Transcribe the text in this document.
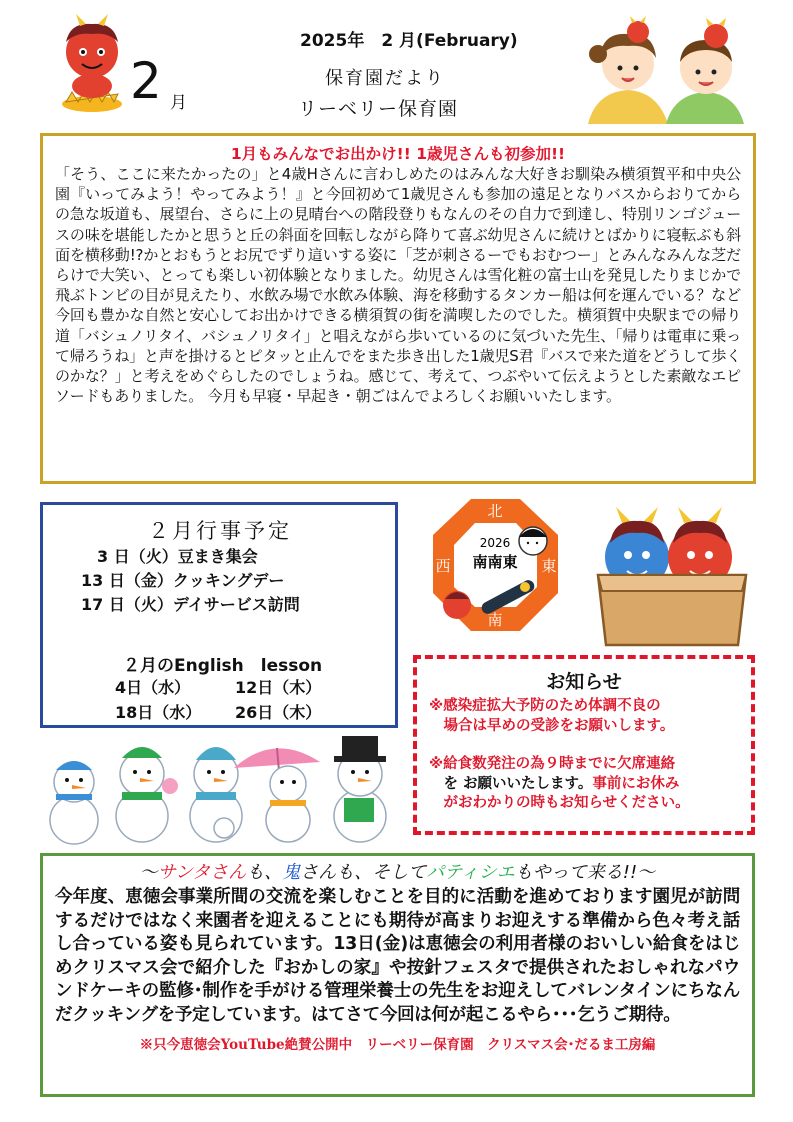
2025年　2 月(February)
保育園だより
リーベリー保育園
2 月
1月もみんなでお出かけ!! 1歳児さんも初参加!!
「そう、ここに来たかったの」と4歳Hさんに言わしめたのはみんな大好きお馴染み横須賀平和中央公園『いってみよう！やってみよう！』と今回初めて1歳児さんも参加の遠足となりバスからおりてからの急な坂道も、展望台、さらに上の見晴台への階段登りもなんのその自力で到達し、特別リンゴジュースの味を堪能したかと思うと丘の斜面を回転しながら降りて喜ぶ幼児さんに続けとばかりに寝転ぶも斜面を横移動!?かとおもうとお尻でずり這いする姿に「芝が刺さるーでもおむつー」とみんなみんな芝だらけで大笑い、とっても楽しい初体験となりました。幼児さんは雪化粧の富士山を発見したりまじかで飛ぶトンビの目が見えたり、水飲み場で水飲み体験、海を移動するタンカー船は何を運んでいる？など今回も豊かな自然と安心してお出かけできる横須賀の街を満喫したのでした。横須賀中央駅までの帰り道「バシュノリタイ、バシュノリタイ」と唱えながら歩いているのに気づいた先生、「帰りは電車に乗って帰ろうね」と声を掛けるとピタッと止んでをまた歩き出した1歳児S君『バスで来た道をどうして歩くのかな？」と考えをめぐらしたのでしょうね。感じて、考えて、つぶやいて伝えようとした素敵なエピソードもありました。 今月も早寝・早起き・朝ごはんでよろしくお願いいたします。
２月行事予定
　3 日（火）豆まき集会
13 日（金）クッキングデー
17 日（火）デイサービス訪問
２月のEnglish　lesson
4日（水）	12日（木）
18日（水）	26日（木）
2026
南南東
北
東
南
西
お知らせ
※感染症拡大予防のため体調不良の
　場合は早めの受診をお願いします。
※給食数発注の為９時までに欠席連絡
　を お願いいたします。事前にお休み
　がおわかりの時もお知らせください。
～サンタさんも、鬼さんも、そしてパティシエもやって来る!!～
今年度、恵徳会事業所間の交流を楽しむことを目的に活動を進めております園児が訪問するだけではなく来園者を迎えることにも期待が高まりお迎えする準備から色々考え話し合っている姿も見られています。13日(金)は恵徳会の利用者様のおいしい給食をはじめクリスマス会で紹介した『おかしの家』や按針フェスタで提供されたおしゃれなパウンドケーキの監修･制作を手がける管理栄養士の先生をお迎えしてバレンタインにちなんだクッキングを予定しています。はてさて今回は何が起こるやら･･･乞うご期待。
※只今恵徳会YouTube絶賛公開中　リーベリー保育園　クリスマス会･だるま工房編
